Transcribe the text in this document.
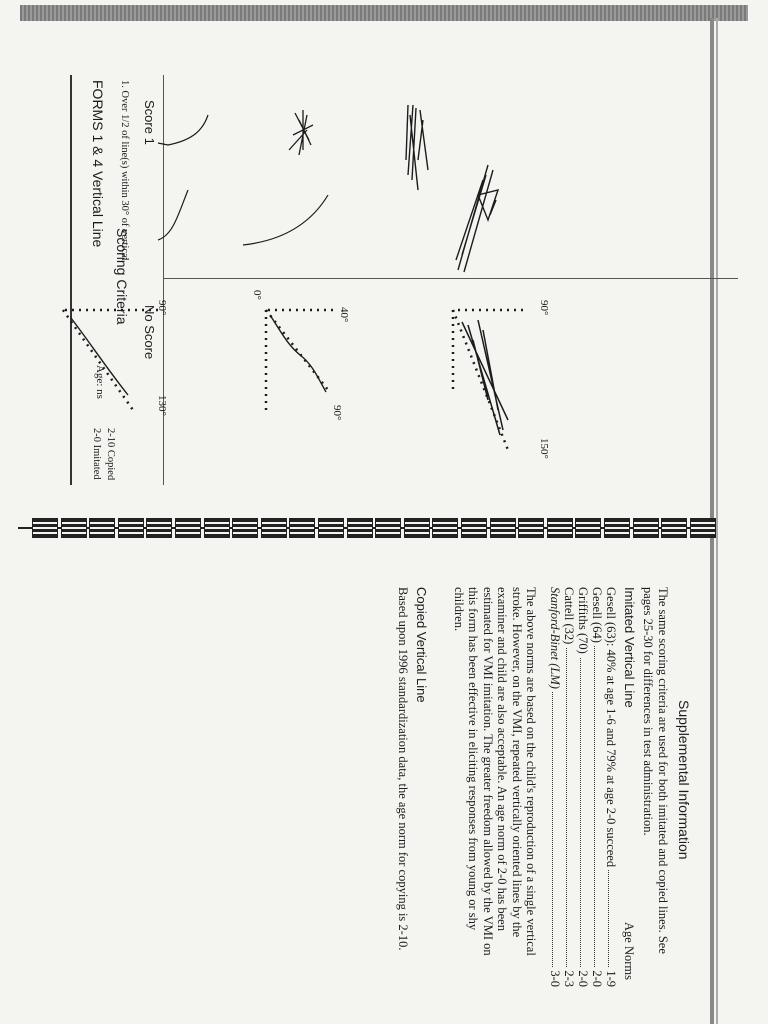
FORMS 1 & 4 Vertical Line
Scoring Criteria
1. Over 1/2 of line(s) within 30° of vertical
Age: ns
2-0 Imitated 2-10 Copied
Score 1
No Score	90°
150°
40°
0°
90°
90°
130°
Supplemental Information
The same scoring criteria are used for both imitated and copied lines. See
pages 25-30 for differences in test administration.
Imitated Vertical Line
Age Norms
Gesell (63): 40% at age 1-6 and 79% at age 2-0 succeed
1-9
Gesell (64)
2-0
Griffiths (70)
2-0
Cattell (32)
2-3
Stanford-Binet (LM)
3-0
The above norms are based on the child's reproduction of a single vertical
stroke. However, on the VMI, repeated vertically oriented lines by the
examiner and child are also acceptable. An age norm of 2-0 has been
estimated for VMI imitation. The greater freedom allowed by the VMI on
this form has been effective in eliciting responses from young or shy
children.
Copied Vertical Line
Based upon 1996 standardization data, the age norm for copying is 2-10.
